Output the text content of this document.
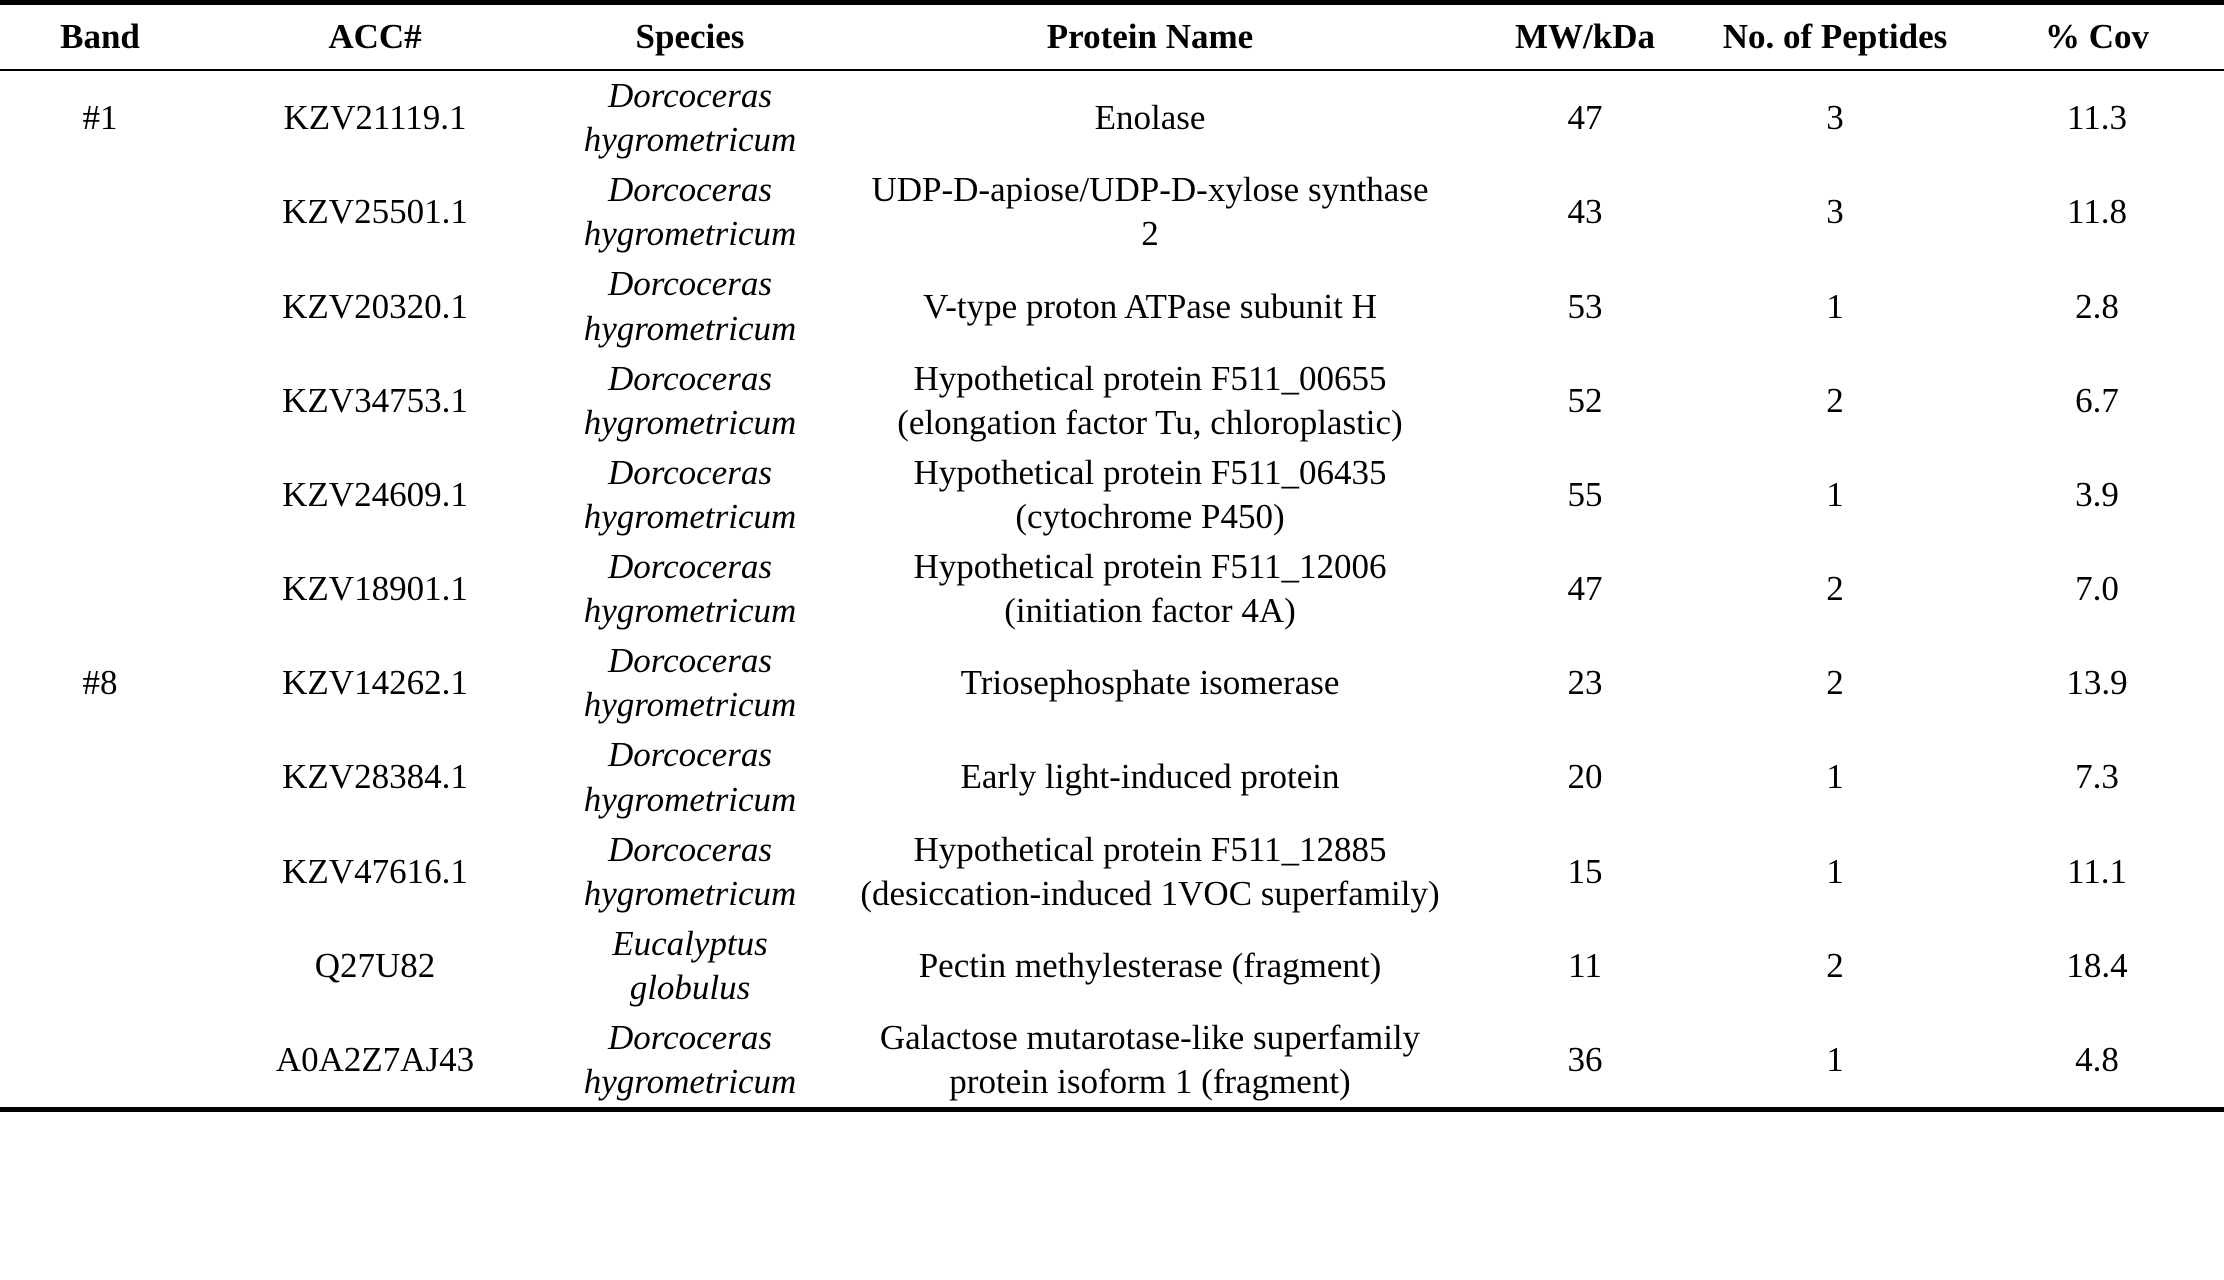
Band	ACC#	Species	Protein Name	MW/kDa	No. of Peptides	% Cov
#1	KZV21119.1	Dorcoceras hygrometricum	Enolase	47	3	11.3
	KZV25501.1	Dorcoceras hygrometricum	UDP-D-apiose/UDP-D-xylose synthase 2	43	3	11.8
	KZV20320.1	Dorcoceras hygrometricum	V-type proton ATPase subunit H	53	1	2.8
	KZV34753.1	Dorcoceras hygrometricum	Hypothetical protein F511_00655 (elongation factor Tu, chloroplastic)	52	2	6.7
	KZV24609.1	Dorcoceras hygrometricum	Hypothetical protein F511_06435 (cytochrome P450)	55	1	3.9
	KZV18901.1	Dorcoceras hygrometricum	Hypothetical protein F511_12006 (initiation factor 4A)	47	2	7.0
#8	KZV14262.1	Dorcoceras hygrometricum	Triosephosphate isomerase	23	2	13.9
	KZV28384.1	Dorcoceras hygrometricum	Early light-induced protein	20	1	7.3
	KZV47616.1	Dorcoceras hygrometricum	Hypothetical protein F511_12885 (desiccation-induced 1VOC superfamily)	15	1	11.1
	Q27U82	Eucalyptus globulus	Pectin methylesterase (fragment)	11	2	18.4
	A0A2Z7AJ43	Dorcoceras hygrometricum	Galactose mutarotase-like superfamily protein isoform 1 (fragment)	36	1	4.8
